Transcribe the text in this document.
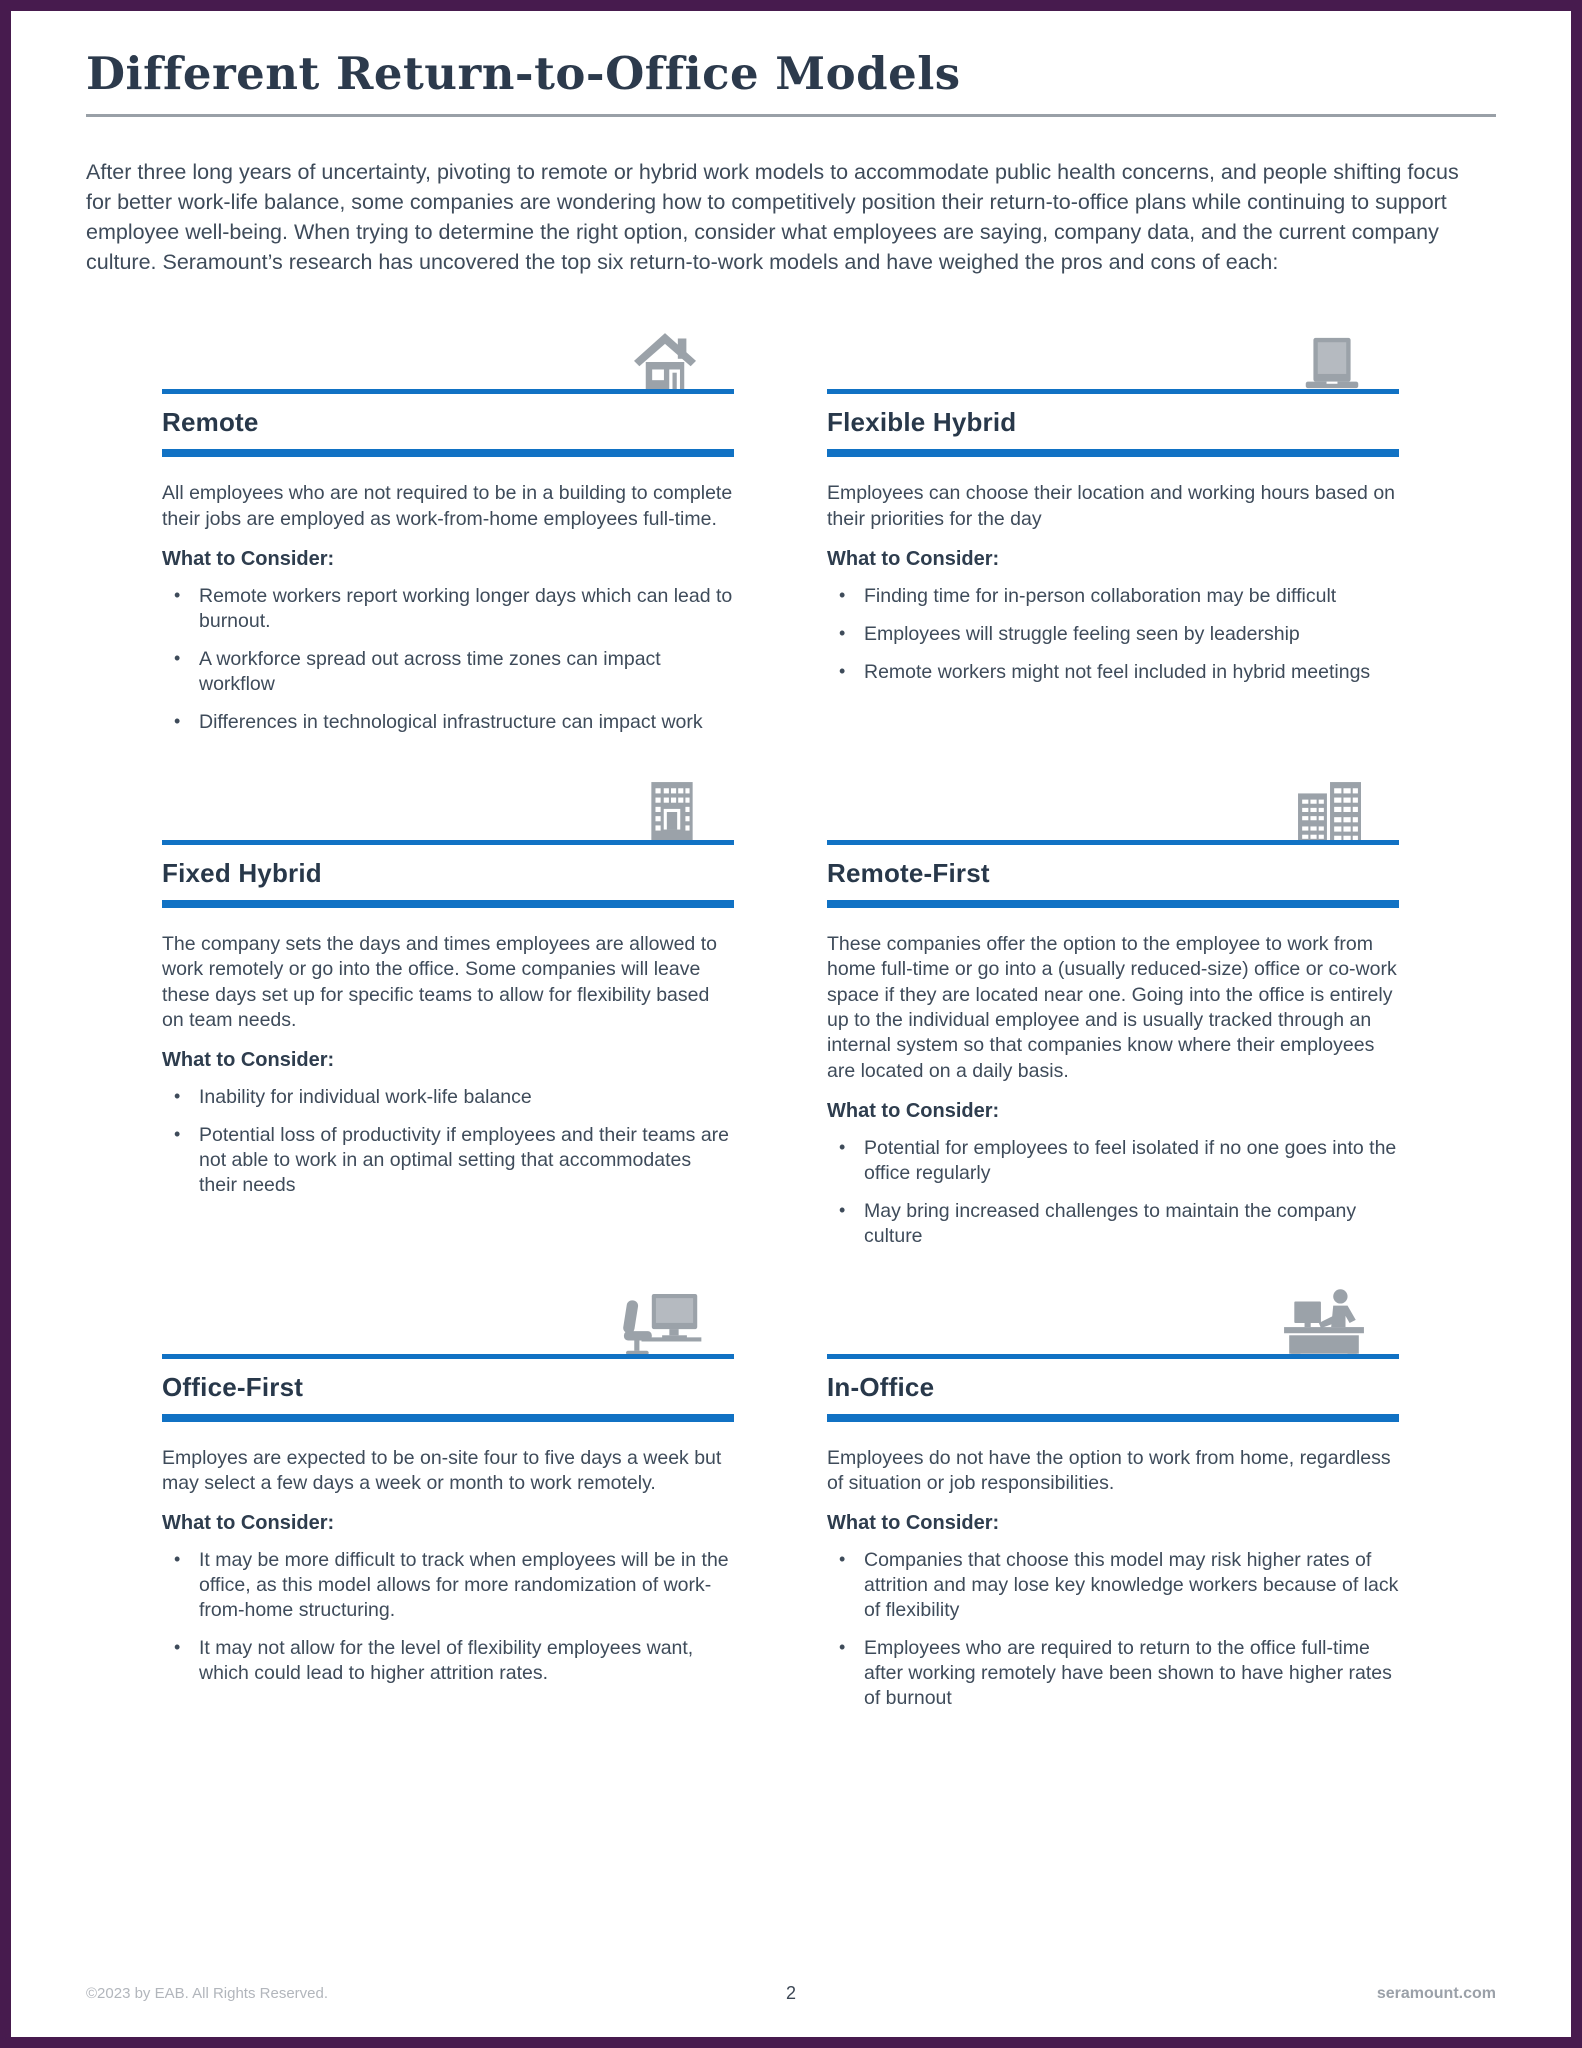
Different Return-to-Office Models

After three long years of uncertainty, pivoting to remote or hybrid work models to accommodate public health concerns, and people shifting focus for better work-life balance, some companies are wondering how to competitively position their return-to-office plans while continuing to support employee well-being. When trying to determine the right option, consider what employees are saying, company data, and the current company culture. Seramount’s research has uncovered the top six return-to-work models and have weighed the pros and cons of each:

Remote

All employees who are not required to be in a building to complete their jobs are employed as work-from-home employees full-time.

What to Consider:

• Remote workers report working longer days which can lead to burnout.
• A workforce spread out across time zones can impact workflow
• Differences in technological infrastructure can impact work
Flexible Hybrid

Employees can choose their location and working hours based on their priorities for the day

What to Consider:

• Finding time for in-person collaboration may be difficult
• Employees will struggle feeling seen by leadership
• Remote workers might not feel included in hybrid meetings
Fixed Hybrid

The company sets the days and times employees are allowed to work remotely or go into the office. Some companies will leave these days set up for specific teams to allow for flexibility based on team needs.

What to Consider:

• Inability for individual work-life balance
• Potential loss of productivity if employees and their teams are not able to work in an optimal setting that accommodates their needs
Remote-First

These companies offer the option to the employee to work from home full-time or go into a (usually reduced-size) office or co-work space if they are located near one. Going into the office is entirely up to the individual employee and is usually tracked through an internal system so that companies know where their employees are located on a daily basis.

What to Consider:

• Potential for employees to feel isolated if no one goes into the office regularly
• May bring increased challenges to maintain the company culture
Office-First

Employes are expected to be on-site four to five days a week but may select a few days a week or month to work remotely.

What to Consider:

• It may be more difficult to track when employees will be in the office, as this model allows for more randomization of work-from-home structuring.
• It may not allow for the level of flexibility employees want, which could lead to higher attrition rates.
In-Office

Employees do not have the option to work from home, regardless of situation or job responsibilities.

What to Consider:

• Companies that choose this model may risk higher rates of attrition and may lose key knowledge workers because of lack of flexibility
• Employees who are required to return to the office full-time after working remotely have been shown to have higher rates of burnout
©2023 by EAB. All Rights Reserved.	2	seramount.com
